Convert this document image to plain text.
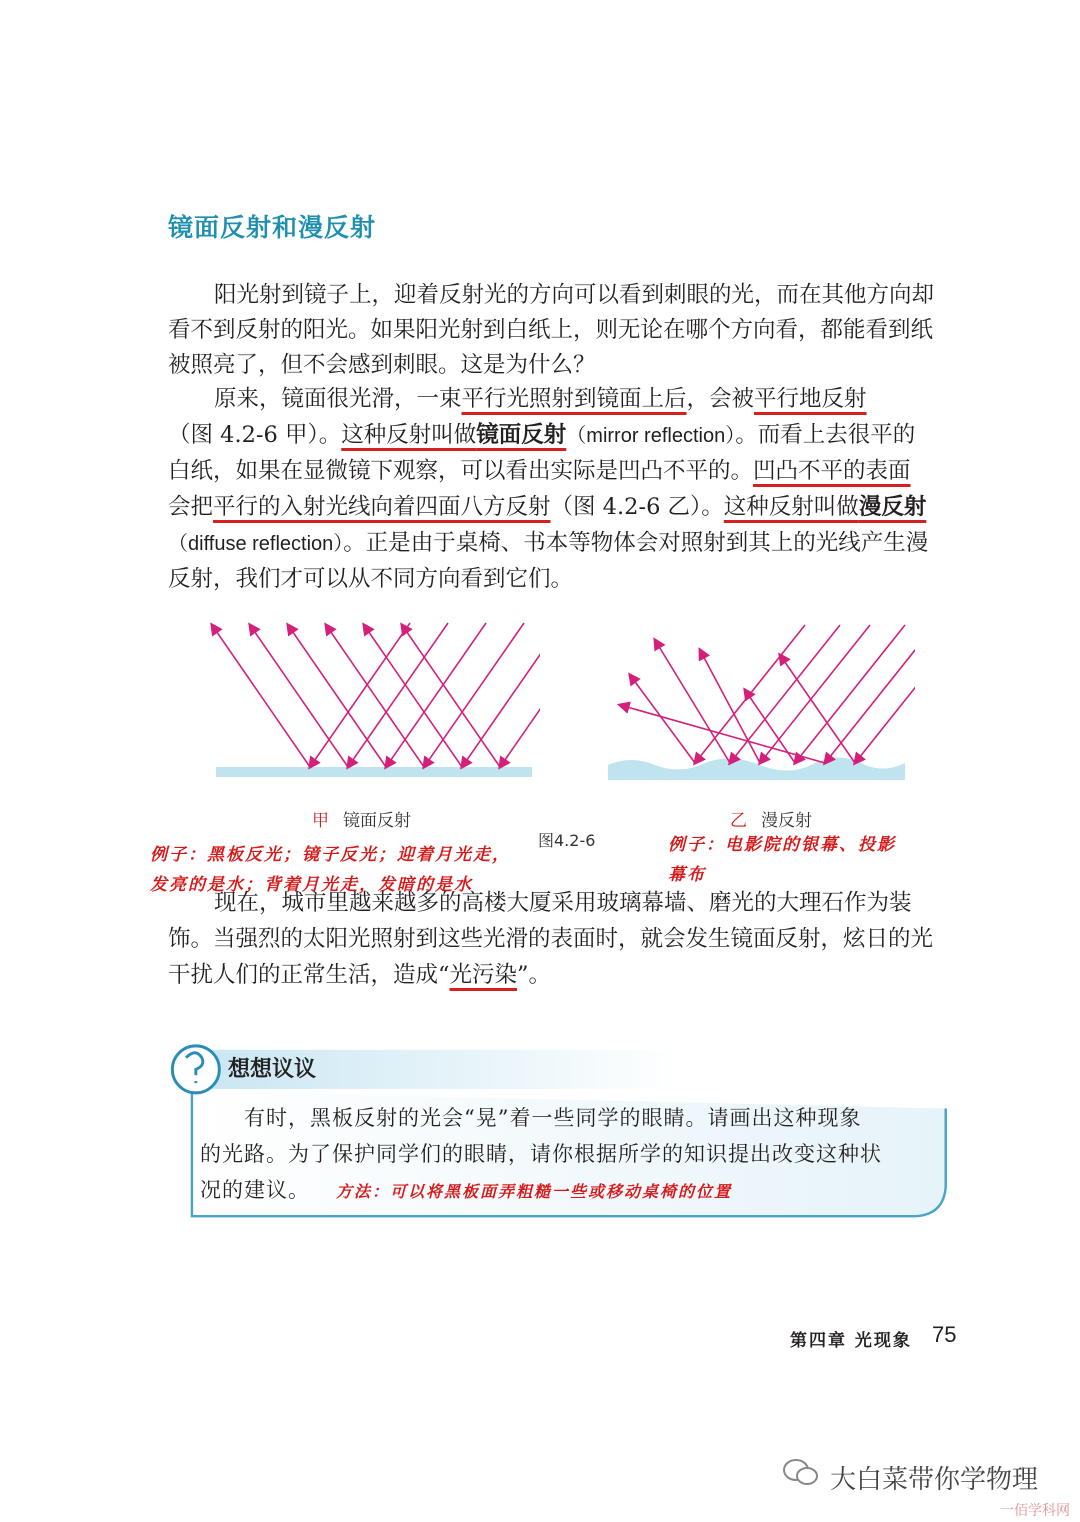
镜面反射和漫反射
阳光射到镜子上，迎着反射光的方向可以看到刺眼的光，而在其他方向却
看不到反射的阳光。如果阳光射到白纸上，则无论在哪个方向看，都能看到纸
被照亮了，但不会感到刺眼。这是为什么？
原来，镜面很光滑，一束平行光照射到镜面上后，会被平行地反射
（图 4.2-6 甲）。这种反射叫做镜面反射（mirror reflection）。而看上去很平的
白纸，如果在显微镜下观察，可以看出实际是凹凸不平的。凹凸不平的表面
会把平行的入射光线向着四面八方反射（图 4.2-6 乙）。这种反射叫做漫反射
（diffuse reflection）。正是由于桌椅、书本等物体会对照射到其上的光线产生漫
反射，我们才可以从不同方向看到它们。
甲 镜面反射	乙 漫反射
图4.2-6
例子：黑板反光；镜子反光；迎着月光走，
发亮的是水；背着月光走，发暗的是水
例子：电影院的银幕、投影
幕布
现在，城市里越来越多的高楼大厦采用玻璃幕墙、磨光的大理石作为装
饰。当强烈的太阳光照射到这些光滑的表面时，就会发生镜面反射，炫日的光
干扰人们的正常生活，造成“光污染”。
想想议议
有时，黑板反射的光会“晃”着一些同学的眼睛。请画出这种现象
的光路。为了保护同学们的眼睛，请你根据所学的知识提出改变这种状
况的建议。 方法：可以将黑板面弄粗糙一些或移动桌椅的位置
第四章 光现象 75
大白菜带你学物理
一佰学科网
